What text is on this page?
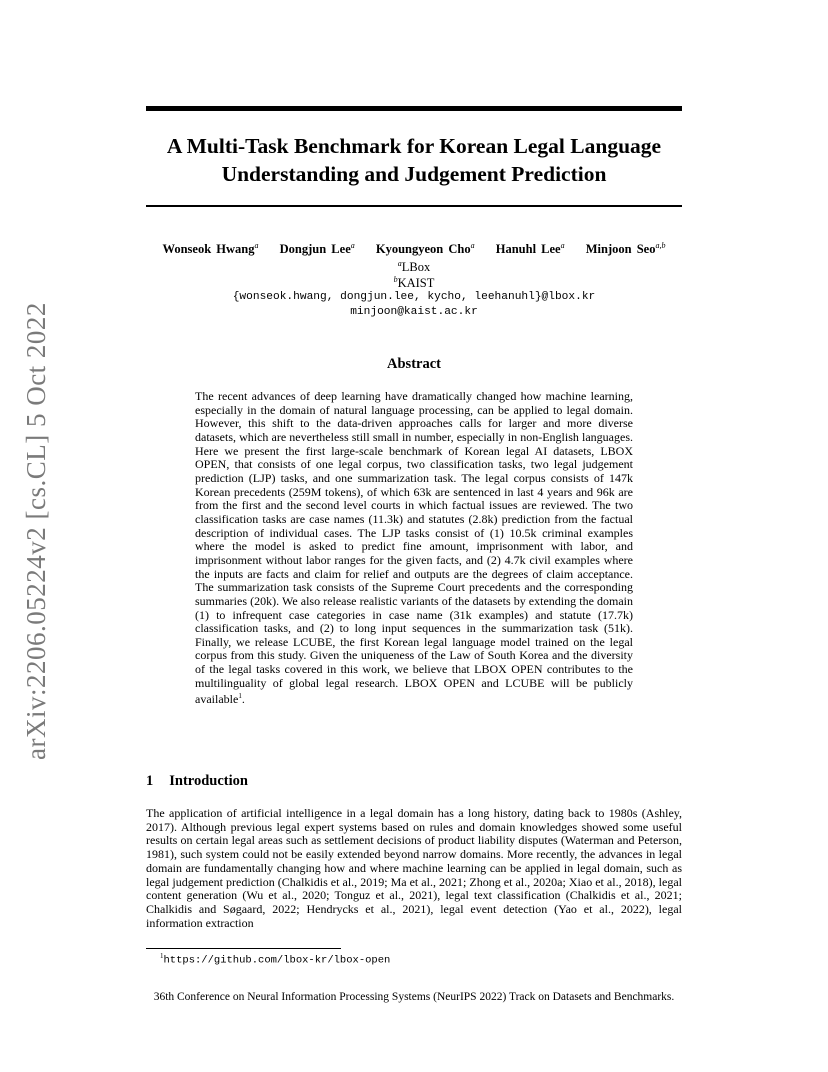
arXiv:2206.05224v2 [cs.CL] 5 Oct 2022
A Multi-Task Benchmark for Korean Legal Language
Understanding and Judgement Prediction
Wonseok Hwang$^a$ Dongjun Lee$^a$ Kyoungyeon Cho$^a$ Hanuhl Lee$^a$ Minjoon Seo$^{a,b}$
$^a$LBox
$^b$KAIST
{wonseok.hwang, dongjun.lee, kycho, leehanuhl}@lbox.kr
minjoon@kaist.ac.kr
Abstract
The recent advances of deep learning have dramatically changed how machine learning, especially in the domain of natural language processing, can be applied to legal domain. However, this shift to the data-driven approaches calls for larger and more diverse datasets, which are nevertheless still small in number, especially in non-English languages. Here we present the first large-scale benchmark of Korean legal AI datasets, LBOX OPEN, that consists of one legal corpus, two classification tasks, two legal judgement prediction (LJP) tasks, and one summarization task. The legal corpus consists of 147k Korean precedents (259M tokens), of which 63k are sentenced in last 4 years and 96k are from the first and the second level courts in which factual issues are reviewed. The two classification tasks are case names (11.3k) and statutes (2.8k) prediction from the factual description of individual cases. The LJP tasks consist of (1) 10.5k criminal examples where the model is asked to predict fine amount, imprisonment with labor, and imprisonment without labor ranges for the given facts, and (2) 4.7k civil examples where the inputs are facts and claim for relief and outputs are the degrees of claim acceptance. The summarization task consists of the Supreme Court precedents and the corresponding summaries (20k). We also release realistic variants of the datasets by extending the domain (1) to infrequent case categories in case name (31k examples) and statute (17.7k) classification tasks, and (2) to long input sequences in the summarization task (51k). Finally, we release LCUBE, the first Korean legal language model trained on the legal corpus from this study. Given the uniqueness of the Law of South Korea and the diversity of the legal tasks covered in this work, we believe that LBOX OPEN contributes to the multilinguality of global legal research. LBOX OPEN and LCUBE will be publicly available$^1$.
1 Introduction
The application of artificial intelligence in a legal domain has a long history, dating back to 1980s (Ashley, 2017). Although previous legal expert systems based on rules and domain knowledges showed some useful results on certain legal areas such as settlement decisions of product liability disputes (Waterman and Peterson, 1981), such system could not be easily extended beyond narrow domains. More recently, the advances in legal domain are fundamentally changing how and where machine learning can be applied in legal domain, such as legal judgement prediction (Chalkidis et al., 2019; Ma et al., 2021; Zhong et al., 2020a; Xiao et al., 2018), legal content generation (Wu et al., 2020; Tonguz et al., 2021), legal text classification (Chalkidis et al., 2021; Chalkidis and Søgaard, 2022; Hendrycks et al., 2021), legal event detection (Yao et al., 2022), legal information extraction
$^1$https://github.com/lbox-kr/lbox-open
36th Conference on Neural Information Processing Systems (NeurIPS 2022) Track on Datasets and Benchmarks.
